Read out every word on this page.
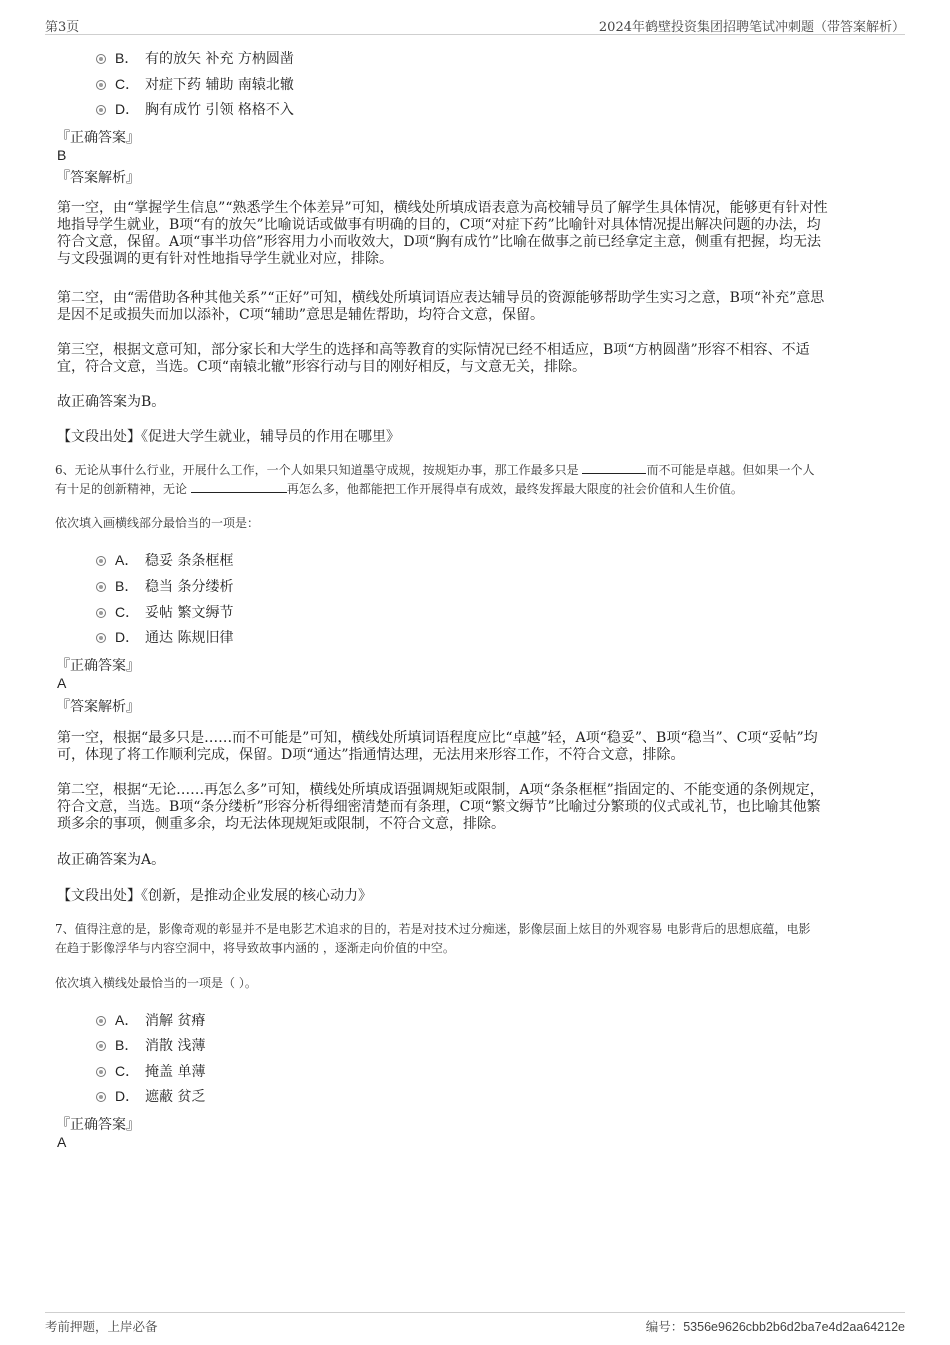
第3页	2024年鹤壁投资集团招聘笔试冲刺题（带答案解析）
B． 有的放矢 补充 方枘圆凿
C． 对症下药 辅助 南辕北辙
D． 胸有成竹 引领 格格不入
『正确答案』
B
『答案解析』
第一空，由“掌握学生信息”“熟悉学生个体差异”可知，横线处所填成语表意为高校辅导员了解学生具体情况，能够更有针对性
地指导学生就业，B项“有的放矢”比喻说话或做事有明确的目的，C项“对症下药”比喻针对具体情况提出解决问题的办法，均
符合文意，保留。A项“事半功倍”形容用力小而收效大，D项“胸有成竹”比喻在做事之前已经拿定主意，侧重有把握，均无法
与文段强调的更有针对性地指导学生就业对应，排除。
第二空，由“需借助各种其他关系”“正好”可知，横线处所填词语应表达辅导员的资源能够帮助学生实习之意，B项“补充”意思
是因不足或损失而加以添补，C项“辅助”意思是辅佐帮助，均符合文意，保留。
第三空，根据文意可知，部分家长和大学生的选择和高等教育的实际情况已经不相适应，B项“方枘圆凿”形容不相容、不适
宜，符合文意，当选。C项“南辕北辙”形容行动与目的刚好相反，与文意无关，排除。
故正确答案为B。
【文段出处】《促进大学生就业，辅导员的作用在哪里》
6、无论从事什么行业，开展什么工作，一个人如果只知道墨守成规，按规矩办事，那工作最多只是	而不可能是卓越。但如果一个人
有十足的创新精神，无论	再怎么多，他都能把工作开展得卓有成效，最终发挥最大限度的社会价值和人生价值。
依次填入画横线部分最恰当的一项是：
A． 稳妥 条条框框
B． 稳当 条分缕析
C． 妥帖 繁文缛节
D． 通达 陈规旧律
『正确答案』
A
『答案解析』
第一空，根据“最多只是……而不可能是”可知，横线处所填词语程度应比“卓越”轻，A项“稳妥”、B项“稳当”、C项“妥帖”均
可，体现了将工作顺利完成，保留。D项“通达”指通情达理，无法用来形容工作，不符合文意，排除。
第二空，根据“无论……再怎么多”可知，横线处所填成语强调规矩或限制，A项“条条框框”指固定的、不能变通的条例规定，
符合文意，当选。B项“条分缕析”形容分析得细密清楚而有条理，C项“繁文缛节”比喻过分繁琐的仪式或礼节，也比喻其他繁
琐多余的事项，侧重多余，均无法体现规矩或限制，不符合文意，排除。
故正确答案为A。
【文段出处】《创新，是推动企业发展的核心动力》
7、值得注意的是，影像奇观的彰显并不是电影艺术追求的目的，若是对技术过分痴迷，影像层面上炫目的外观容易 电影背后的思想底蕴，电影
在趋于影像浮华与内容空洞中，将导致故事内涵的 ，逐渐走向价值的中空。
依次填入横线处最恰当的一项是（ ）。
A． 消解 贫瘠
B． 消散 浅薄
C． 掩盖 单薄
D． 遮蔽 贫乏
『正确答案』
A
考前押题，上岸必备	编号：5356e9626cbb2b6d2ba7e4d2aa64212e
